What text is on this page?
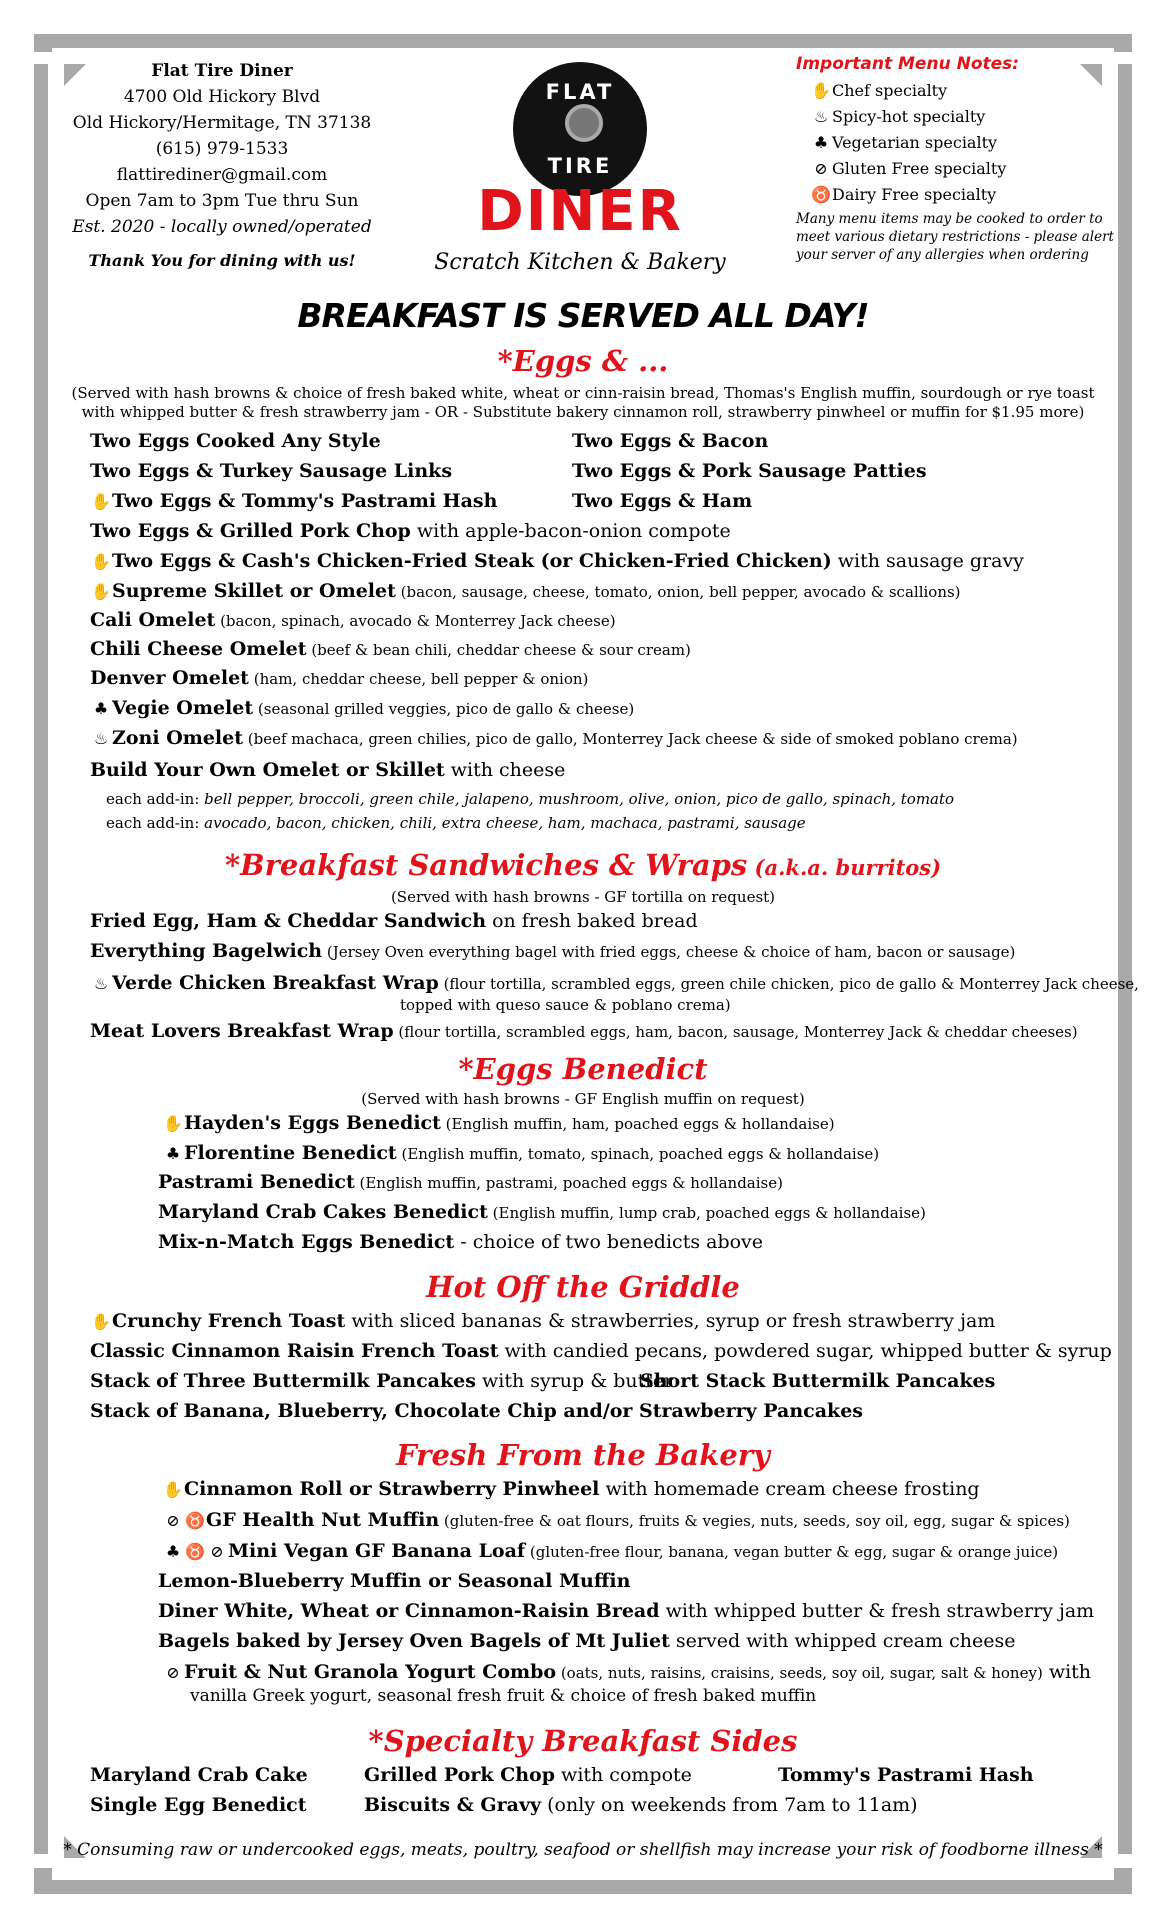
Flat Tire Diner
4700 Old Hickory Blvd
Old Hickory/Hermitage, TN 37138
(615) 979-1533
flattirediner@gmail.com
Open 7am to 3pm Tue thru Sun
Est. 2020 - locally owned/operated
Thank You for dining with us!
FLAT
TIRE
DINER
Scratch Kitchen & Bakery
Important Menu Notes:
✋Chef specialty
♨ Spicy-hot specialty
♣ Vegetarian specialty
⊘ Gluten Free specialty
♉Dairy Free specialty
Many menu items may be cooked to order to meet various dietary restrictions - please alert your server of any allergies when ordering
BREAKFAST IS SERVED ALL DAY!
*Eggs & ...
(Served with hash browns & choice of fresh baked white, wheat or cinn-raisin bread, Thomas's English muffin, sourdough or rye toast with whipped butter & fresh strawberry jam - OR - Substitute bakery cinnamon roll, strawberry pinwheel or muffin for $1.95 more)
Two Eggs Cooked Any Style	Two Eggs & Bacon
Two Eggs & Turkey Sausage Links	Two Eggs & Pork Sausage Patties
✋Two Eggs & Tommy's Pastrami Hash	Two Eggs & Ham
Two Eggs & Grilled Pork Chop with apple-bacon-onion compote
✋Two Eggs & Cash's Chicken-Fried Steak (or Chicken-Fried Chicken) with sausage gravy
✋Supreme Skillet or Omelet (bacon, sausage, cheese, tomato, onion, bell pepper, avocado & scallions)
Cali Omelet (bacon, spinach, avocado & Monterrey Jack cheese)
Chili Cheese Omelet (beef & bean chili, cheddar cheese & sour cream)
Denver Omelet (ham, cheddar cheese, bell pepper & onion)
♣ Vegie Omelet (seasonal grilled veggies, pico de gallo & cheese)
♨ Zoni Omelet (beef machaca, green chilies, pico de gallo, Monterrey Jack cheese & side of smoked poblano crema)
Build Your Own Omelet or Skillet with cheese
each add-in: bell pepper, broccoli, green chile, jalapeno, mushroom, olive, onion, pico de gallo, spinach, tomato
each add-in: avocado, bacon, chicken, chili, extra cheese, ham, machaca, pastrami, sausage
*Breakfast Sandwiches & Wraps (a.k.a. burritos)
(Served with hash browns - GF tortilla on request)
Fried Egg, Ham & Cheddar Sandwich on fresh baked bread
Everything Bagelwich (Jersey Oven everything bagel with fried eggs, cheese & choice of ham, bacon or sausage)
♨ Verde Chicken Breakfast Wrap (flour tortilla, scrambled eggs, green chile chicken, pico de gallo & Monterrey Jack cheese,
topped with queso sauce & poblano crema)
Meat Lovers Breakfast Wrap (flour tortilla, scrambled eggs, ham, bacon, sausage, Monterrey Jack & cheddar cheeses)
*Eggs Benedict
(Served with hash browns - GF English muffin on request)
✋Hayden's Eggs Benedict (English muffin, ham, poached eggs & hollandaise)
♣ Florentine Benedict (English muffin, tomato, spinach, poached eggs & hollandaise)
Pastrami Benedict (English muffin, pastrami, poached eggs & hollandaise)
Maryland Crab Cakes Benedict (English muffin, lump crab, poached eggs & hollandaise)
Mix-n-Match Eggs Benedict - choice of two benedicts above
Hot Off the Griddle
✋Crunchy French Toast with sliced bananas & strawberries, syrup or fresh strawberry jam
Classic Cinnamon Raisin French Toast with candied pecans, powdered sugar, whipped butter & syrup
Stack of Three Buttermilk Pancakes with syrup & butter
Short Stack Buttermilk Pancakes
Stack of Banana, Blueberry, Chocolate Chip and/or Strawberry Pancakes
Fresh From the Bakery
✋Cinnamon Roll or Strawberry Pinwheel with homemade cream cheese frosting
⊘ ♉GF Health Nut Muffin (gluten-free & oat flours, fruits & vegies, nuts, seeds, soy oil, egg, sugar & spices)
♣ ♉ ⊘ Mini Vegan GF Banana Loaf (gluten-free flour, banana, vegan butter & egg, sugar & orange juice)
Lemon-Blueberry Muffin or Seasonal Muffin
Diner White, Wheat or Cinnamon-Raisin Bread with whipped butter & fresh strawberry jam
Bagels baked by Jersey Oven Bagels of Mt Juliet served with whipped cream cheese
⊘ Fruit & Nut Granola Yogurt Combo (oats, nuts, raisins, craisins, seeds, soy oil, sugar, salt & honey) with
vanilla Greek yogurt, seasonal fresh fruit & choice of fresh baked muffin
*Specialty Breakfast Sides
Maryland Crab Cake	Grilled Pork Chop with compote	Tommy's Pastrami Hash
Single Egg Benedict	Biscuits & Gravy (only on weekends from 7am to 11am)
* Consuming raw or undercooked eggs, meats, poultry, seafood or shellfish may increase your risk of foodborne illness *
